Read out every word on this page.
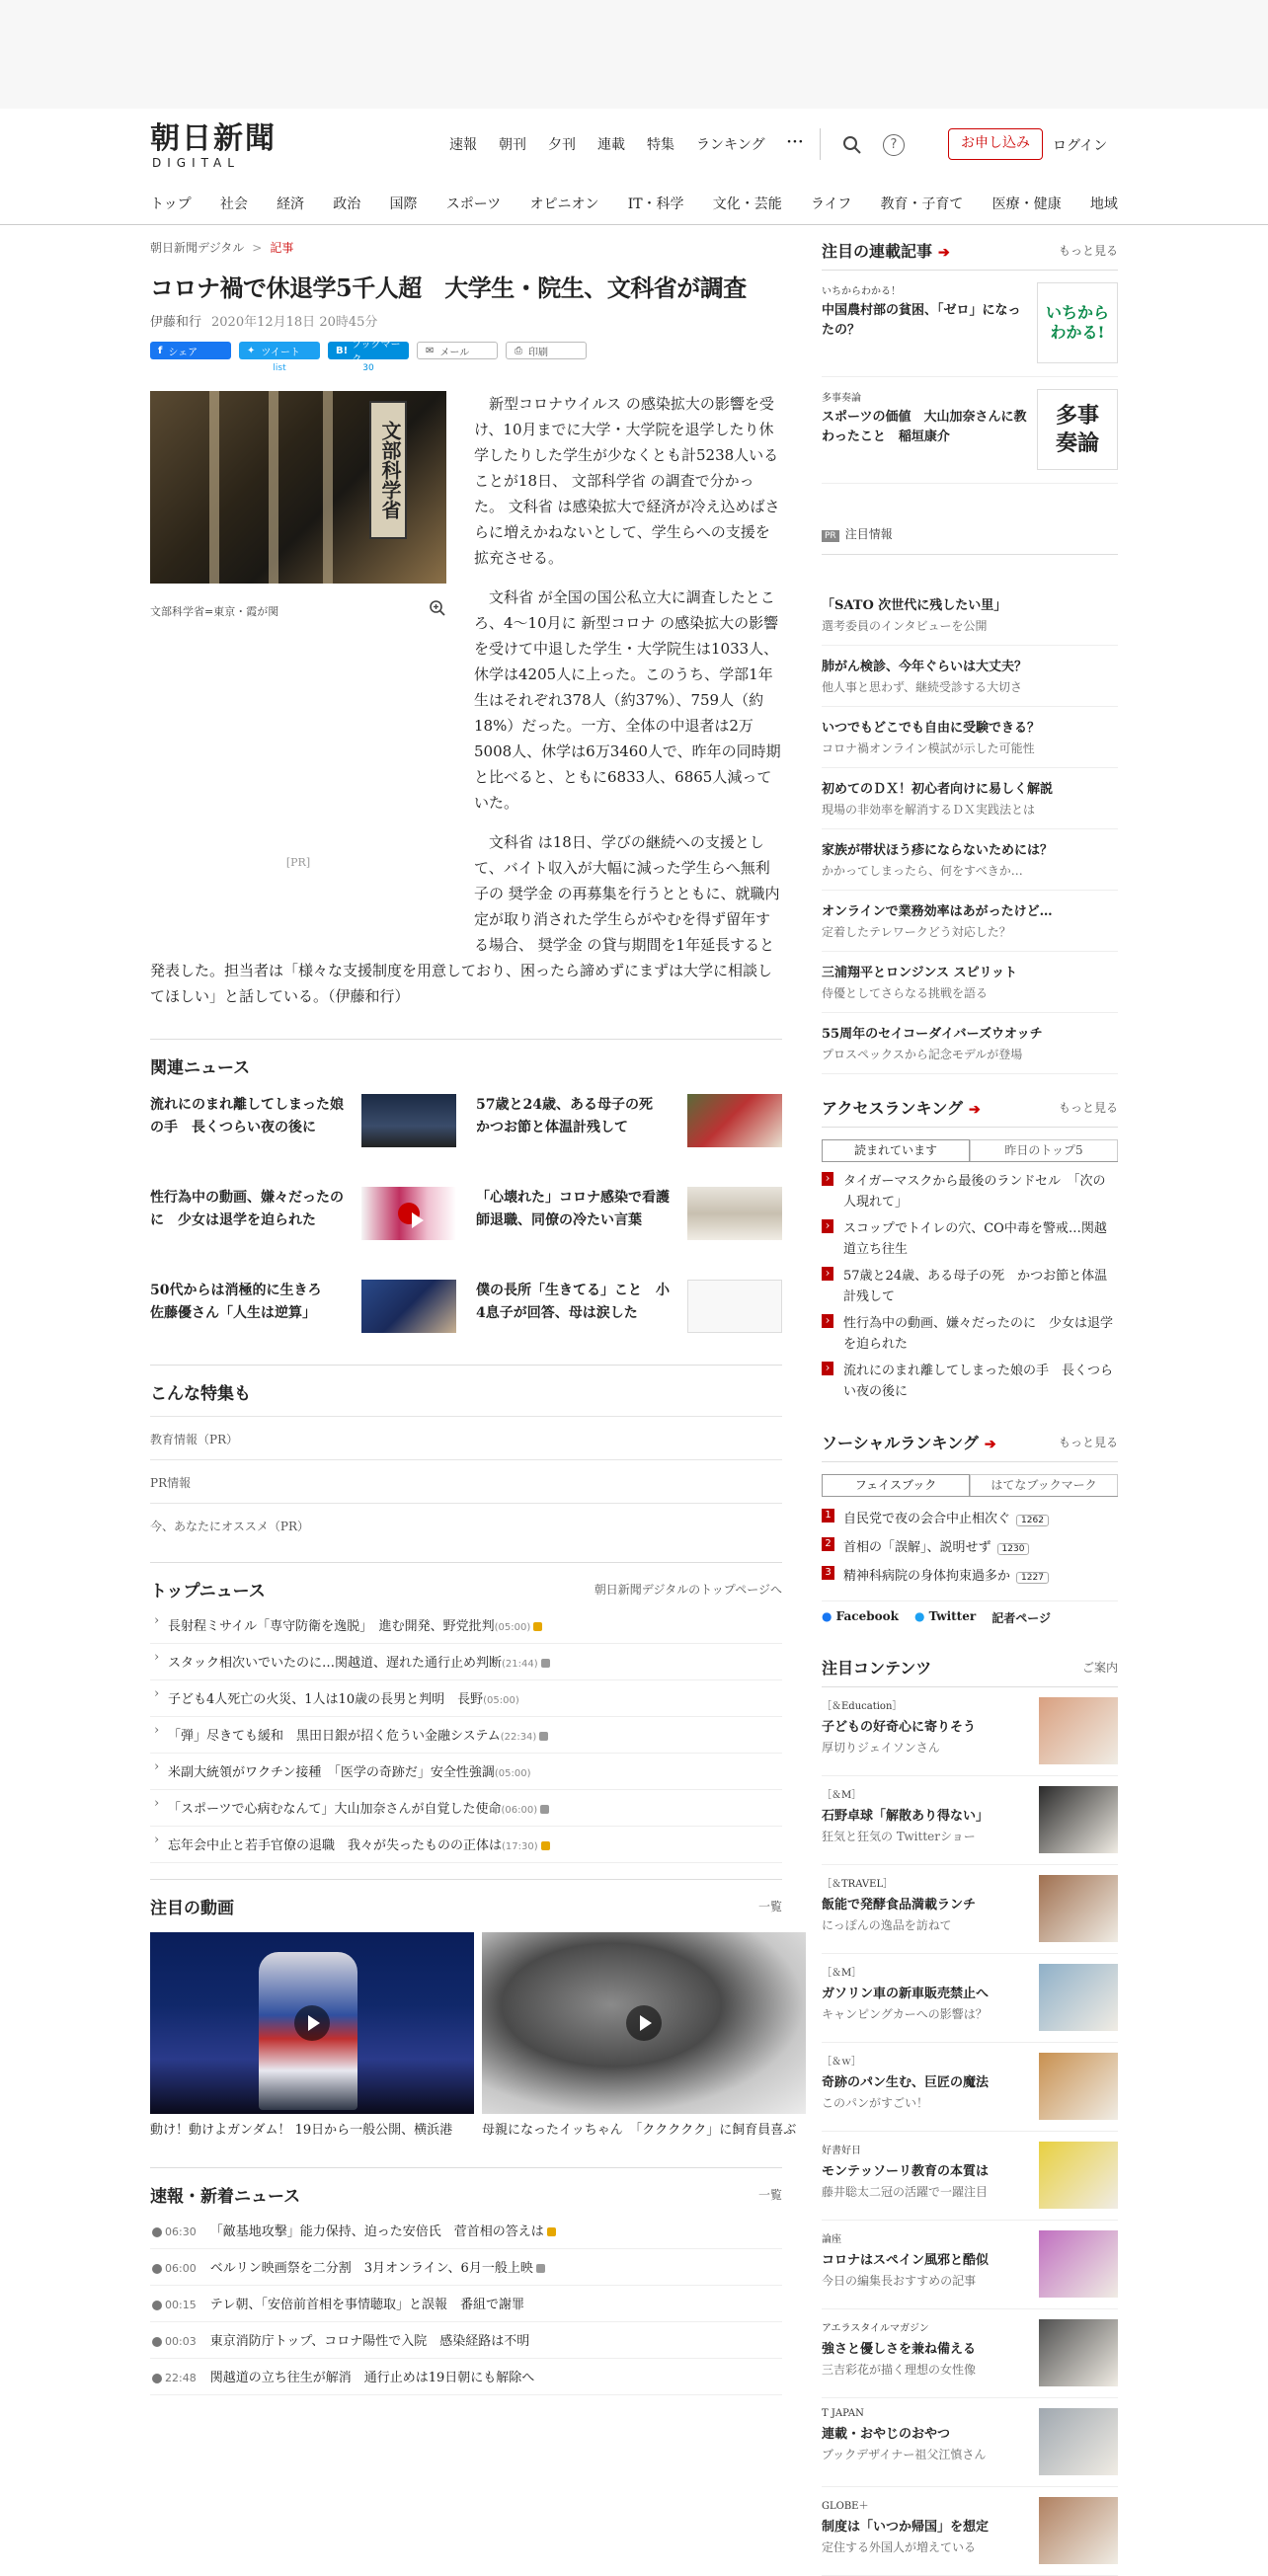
朝日新聞
DIGITAL
速報 朝刊 夕刊 連載 特集 ランキング ···	?	お申し込み	ログイン
トップ 社会 経済 政治 国際 スポーツ オピニオン IT・科学 文化・芸能 ライフ 教育・子育て 医療・健康 地域
朝日新聞デジタル > 記事
コロナ禍で休退学5千人超　大学生・院生、文科省が調査
伊藤和行 2020年12月18日 20時45分
f シェア	✦ ツイート
list
B! ブックマーク
30
✉ メール	⎙ 印刷
文部科学省
文部科学省=東京・霞が関
[PR]

新型コロナウイルス の感染拡大の影響を受け、10月までに大学・大学院を退学したり休学したりした学生が少なくとも計5238人いることが18日、 文部科学省 の調査で分かった。 文科省 は感染拡大で経済が冷え込めばさらに増えかねないとして、学生らへの支援を拡充させる。

文科省 が全国の国公私立大に調査したところ、4〜10月に 新型コロナ の感染拡大の影響を受けて中退した学生・大学院生は1033人、休学は4205人に上った。このうち、学部1年生はそれぞれ378人（約37%）、759人（約18%）だった。一方、全体の中退者は2万5008人、休学は6万3460人で、昨年の同時期と比べると、ともに6833人、6865人減っていた。

文科省 は18日、学びの継続への支援として、バイト収入が大幅に減った学生らへ無利子の 奨学金 の再募集を行うとともに、就職内定が取り消された学生らがやむを得ず留年する場合、 奨学金 の貸与期間を1年延長すると発表した。担当者は「様々な支援制度を用意しており、困ったら諦めずにまずは大学に相談してほしい」と話している。（伊藤和行）

関連ニュース
流れにのまれ離してしまった娘の手　長くつらい夜の後に
57歳と24歳、ある母子の死　かつお節と体温計残して
性行為中の動画、嫌々だったのに　少女は退学を迫られた
「心壊れた」コロナ感染で看護師退職、同僚の冷たい言葉
50代からは消極的に生きろ　佐藤優さん「人生は逆算」
僕の長所「生きてる」こと　小4息子が回答、母は涙した
こんな特集も
教育情報（PR）
PR情報
今、あなたにオススメ（PR）
トップニュース	朝日新聞デジタルのトップページへ
› 長射程ミサイル「専守防衛を逸脱」　進む開発、野党批判(05:00)
› スタック相次いでいたのに…関越道、遅れた通行止め判断(21:44)
› 子ども4人死亡の火災、1人は10歳の長男と判明　長野(05:00)
› 「弾」尽きても緩和　黒田日銀が招く危うい金融システム(22:34)
› 米副大統領がワクチン接種　「医学の奇跡だ」安全性強調(05:00)
› 「スポーツで心病むなんて」大山加奈さんが自覚した使命(06:00)
› 忘年会中止と若手官僚の退職　我々が失ったものの正体は(17:30)
注目の動画	一覧
動け！動けよガンダム！ 19日から一般公開、横浜港	母親になったイッちゃん　「ククククク」に飼育員喜ぶ
速報・新着ニュース	一覧
06:30 「敵基地攻撃」能力保持、迫った安倍氏　菅首相の答えは
06:00 ベルリン映画祭を二分割　3月オンライン、6月一般上映
00:15 テレ朝、「安倍前首相を事情聴取」と誤報　番組で謝罪
00:03 東京消防庁トップ、コロナ陽性で入院　感染経路は不明
22:48 関越道の立ち往生が解消　通行止めは19日朝にも解除へ
注目の連載記事 ➔	もっと見る
いちからわかる！
中国農村部の貧困、「ゼロ」になったの？
いちから わかる!
多事奏論
スポーツの価値　大山加奈さんに教わったこと　稲垣康介
多事 奏論
PR 注目情報
「SATO 次世代に残したい里」
選考委員のインタビューを公開
肺がん検診、今年ぐらいは大丈夫？
他人事と思わず、継続受診する大切さ
いつでもどこでも自由に受験できる？
コロナ禍オンライン模試が示した可能性
初めてのＤＸ！初心者向けに易しく解説
現場の非効率を解消するＤＸ実践法とは
家族が帯状ほう疹にならないためには？
かかってしまったら、何をすべきか…
オンラインで業務効率はあがったけど…
定着したテレワークどう対応した？
三浦翔平とロンジンス スピリット
侍優としてさらなる挑戦を語る
55周年のセイコーダイバーズウオッチ
プロスペックスから記念モデルが登場
アクセスランキング ➔	もっと見る
読まれています	昨日のトップ5
› タイガーマスクから最後のランドセル　「次の人現れて」
› スコップでトイレの穴、CO中毒を警戒…関越道立ち往生
› 57歳と24歳、ある母子の死　かつお節と体温計残して
› 性行為中の動画、嫌々だったのに　少女は退学を迫られた
› 流れにのまれ離してしまった娘の手　長くつらい夜の後に
ソーシャルランキング ➔	もっと見る
フェイスブック	はてなブックマーク
1 自民党で夜の会合中止相次ぐ 1262
2 首相の「誤解」、説明せず 1230
3 精神科病院の身体拘束過多か 1227
● Facebook ● Twitter 記者ページ
注目コンテンツ	ご案内
［＆Education］
子どもの好奇心に寄りそう
厚切りジェイソンさん
［＆M］
石野卓球「解散あり得ない」
狂気と狂気の Twitterショー
［＆TRAVEL］
飯能で発酵食品満載ランチ
にっぽんの逸品を訪ねて
［＆M］
ガソリン車の新車販売禁止へ
キャンピングカーへの影響は？
［＆ｗ］
奇跡のパン生む、巨匠の魔法
このパンがすごい！
好書好日
モンテッソーリ教育の本質は
藤井聡太二冠の活躍で一躍注目
論座
コロナはスペイン風邪と酷似
今日の編集長おすすめの記事
アエラスタイルマガジン
強さと優しさを兼ね備える
三吉彩花が描く理想の女性像
T JAPAN
連載・おやじのおやつ
ブックデザイナー祖父江慎さん
GLOBE＋
制度は「いつか帰国」を想定
定住する外国人が増えている
